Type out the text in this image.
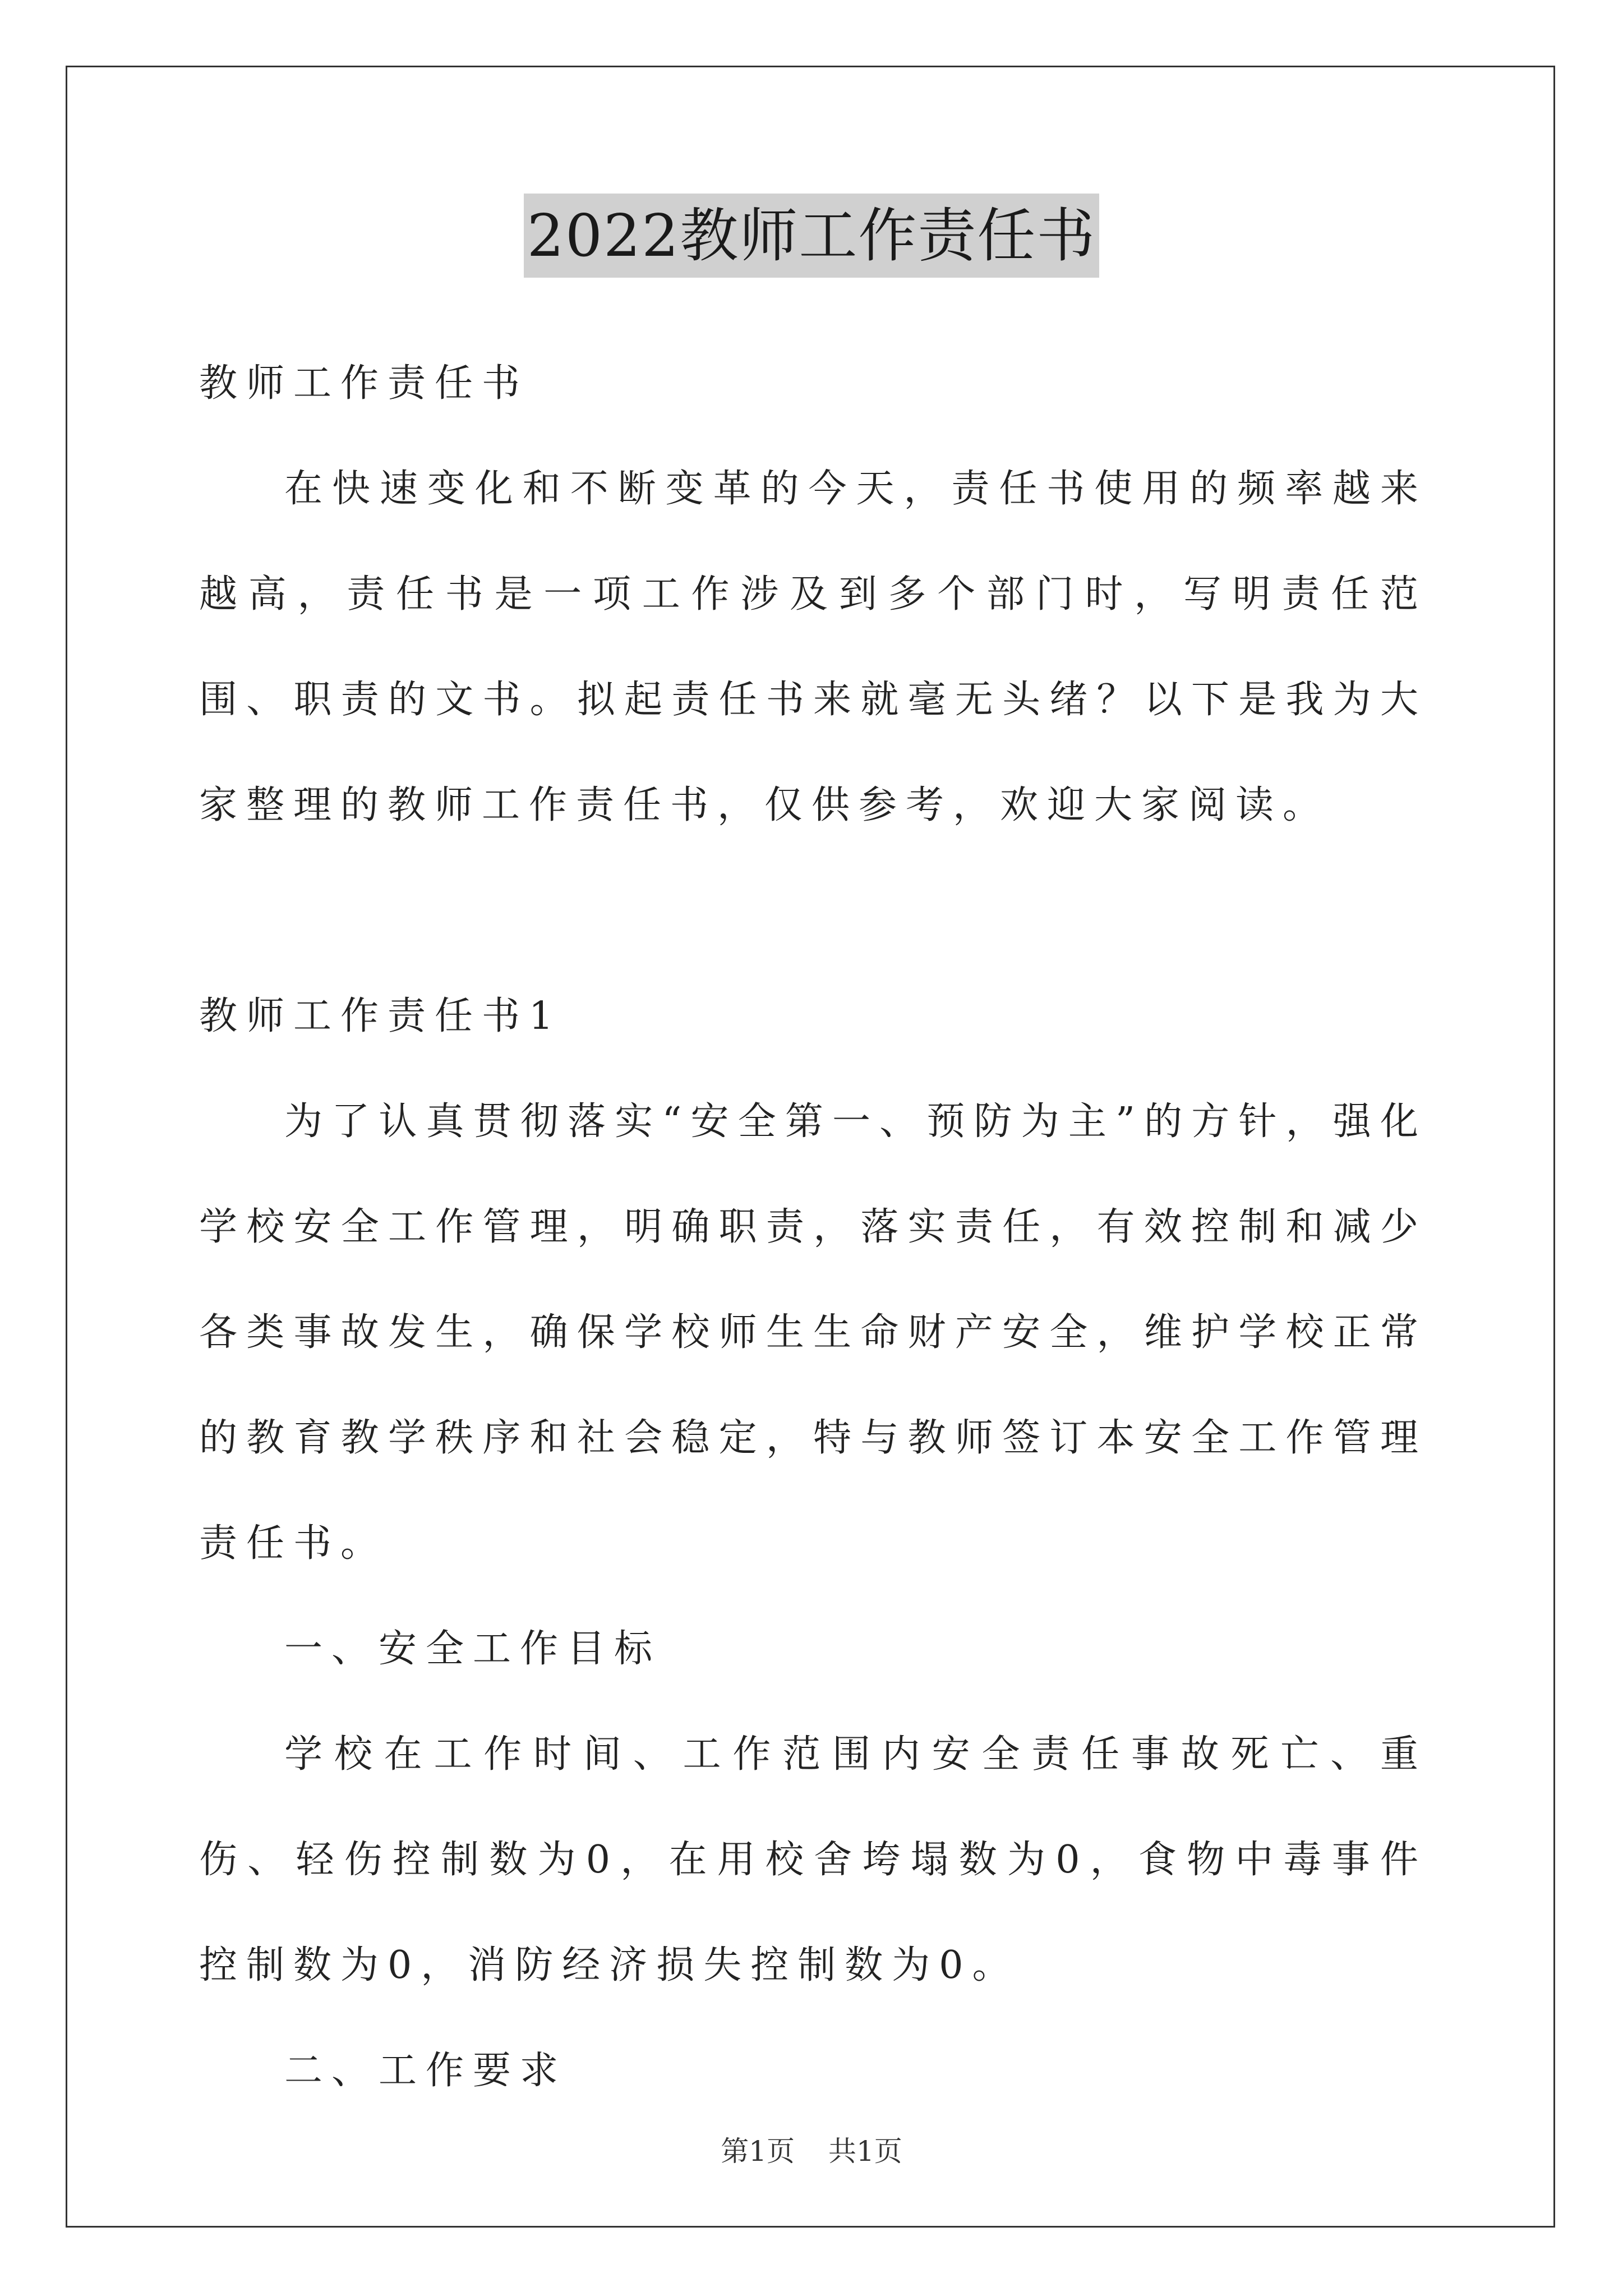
2022教师工作责任书

教师工作责任书

在快速变化和不断变革的今天，责任书使用的频率越来越高，责任书是一项工作涉及到多个部门时，写明责任范围、职责的文书。拟起责任书来就毫无头绪？以下是我为大家整理的教师工作责任书，仅供参考，欢迎大家阅读。

教师工作责任书1

为了认真贯彻落实“安全第一、预防为主”的方针，强化学校安全工作管理，明确职责，落实责任，有效控制和减少各类事故发生，确保学校师生生命财产安全，维护学校正常的教育教学秩序和社会稳定，特与教师签订本安全工作管理责任书。

一、安全工作目标

学校在工作时间、工作范围内安全责任事故死亡、重伤、轻伤控制数为0，在用校舍垮塌数为0，食物中毒事件控制数为0，消防经济损失控制数为0。

二、工作要求

第1页 共1页
